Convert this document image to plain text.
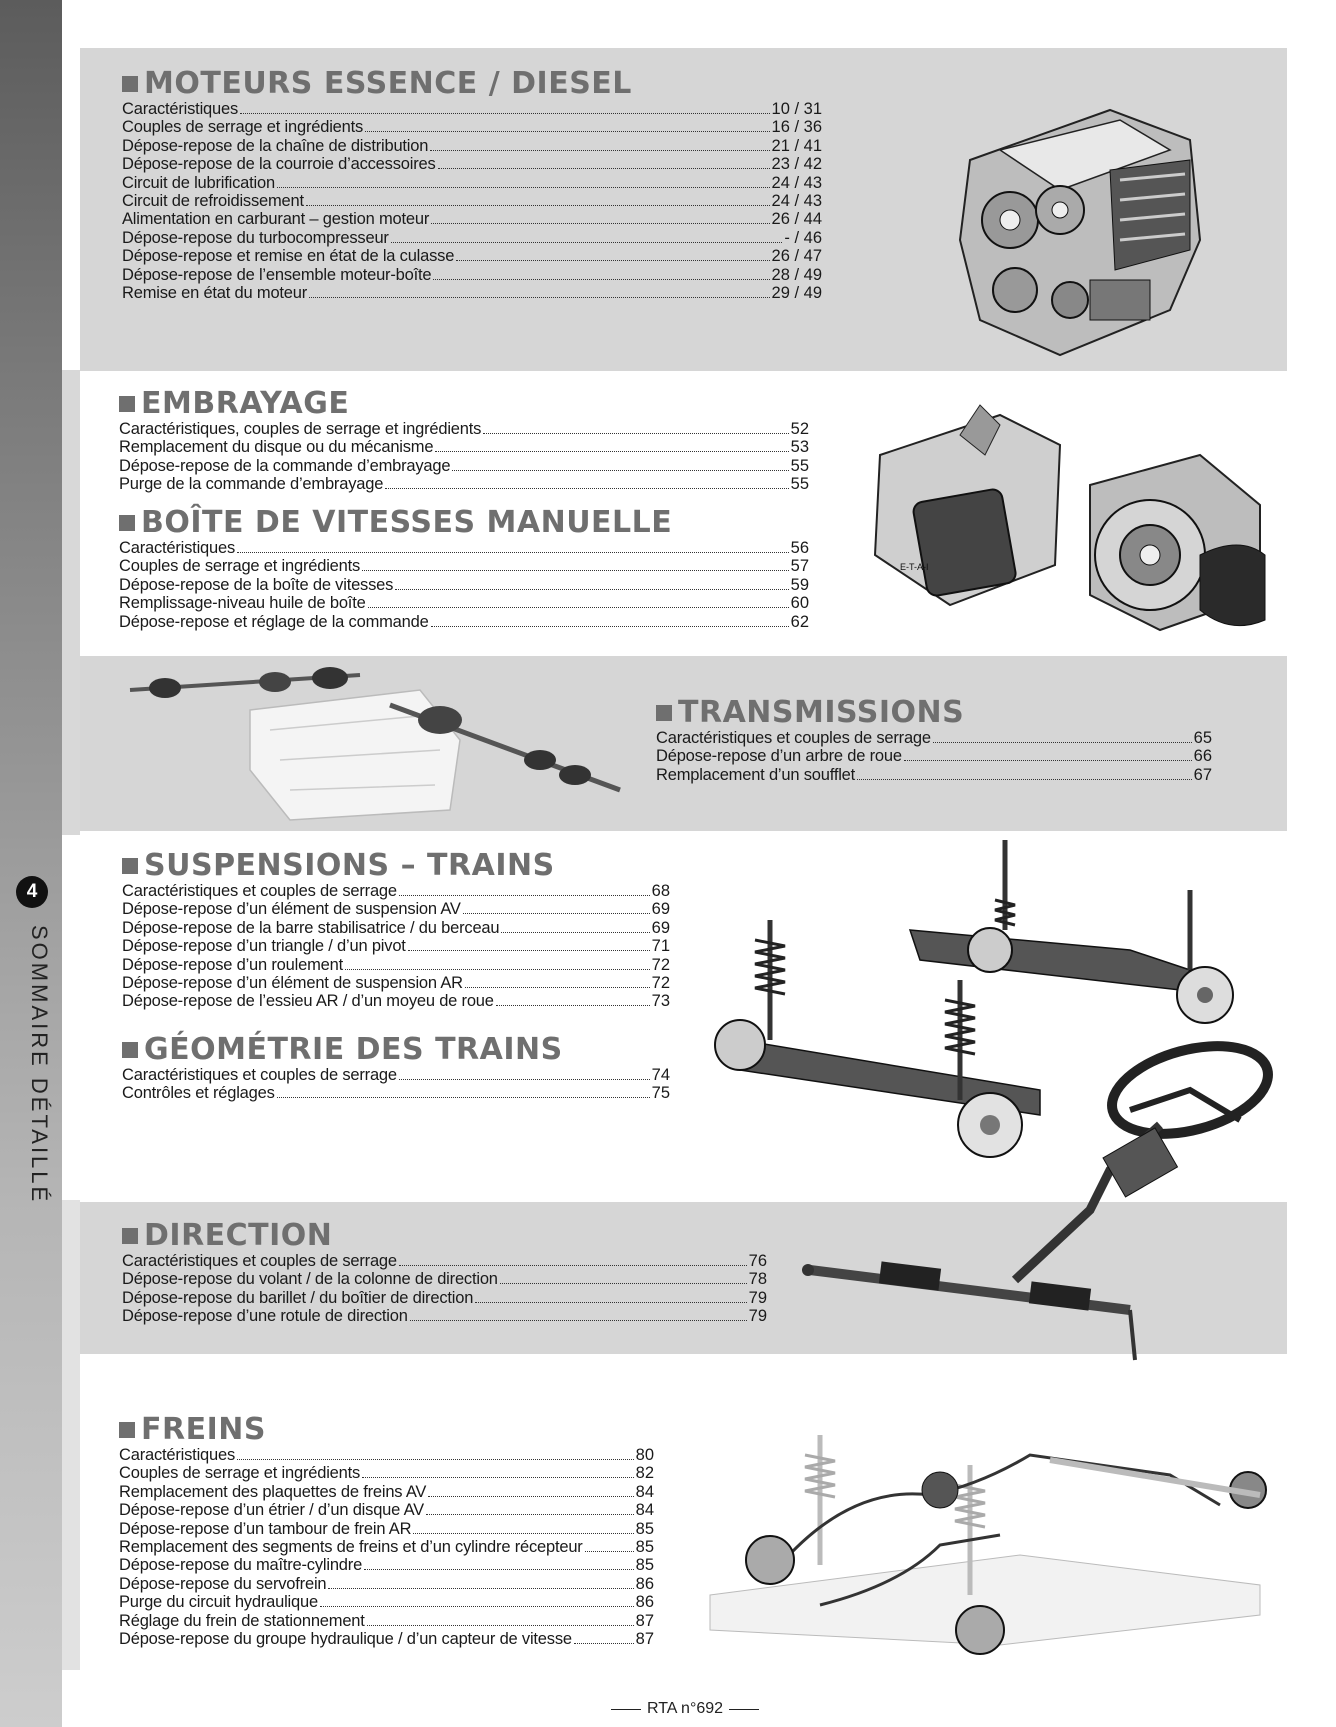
4
SOMMAIRE DÉTAILLÉ
MOTEURS ESSENCE / DIESEL
Caractéristiques	10 / 31
Couples de serrage et ingrédients	16 / 36
Dépose-repose de la chaîne de distribution	21 / 41
Dépose-repose de la courroie d’accessoires	23 / 42
Circuit de lubrification	24 / 43
Circuit de refroidissement	24 / 43
Alimentation en carburant – gestion moteur	26 / 44
Dépose-repose du turbocompresseur	- / 46
Dépose-repose et remise en état de la culasse	26 / 47
Dépose-repose de l’ensemble moteur-boîte	28 / 49
Remise en état du moteur	29 / 49
EMBRAYAGE
Caractéristiques, couples de serrage et ingrédients	52
Remplacement du disque ou du mécanisme	53
Dépose-repose de la commande d’embrayage	55
Purge de la commande d’embrayage	55
BOÎTE DE VITESSES MANUELLE
Caractéristiques	56
Couples de serrage et ingrédients	57
Dépose-repose de la boîte de vitesses	59
Remplissage-niveau huile de boîte	60
Dépose-repose et réglage de la commande	62
E-T-A-I
TRANSMISSIONS
Caractéristiques et couples de serrage	65
Dépose-repose d’un arbre de roue	66
Remplacement d’un soufflet	67
SUSPENSIONS – TRAINS
Caractéristiques et couples de serrage	68
Dépose-repose d’un élément de suspension AV	69
Dépose-repose de la barre stabilisatrice / du berceau	69
Dépose-repose d’un triangle / d’un pivot	71
Dépose-repose d’un roulement	72
Dépose-repose d’un élément de suspension AR	72
Dépose-repose de l’essieu AR / d’un moyeu de roue	73
GÉOMÉTRIE DES TRAINS
Caractéristiques et couples de serrage	74
Contrôles et réglages	75
DIRECTION
Caractéristiques et couples de serrage	76
Dépose-repose du volant / de la colonne de direction	78
Dépose-repose du barillet / du boîtier de direction	79
Dépose-repose d’une rotule de direction	79
FREINS
Caractéristiques	80
Couples de serrage et ingrédients	82
Remplacement des plaquettes de freins AV	84
Dépose-repose d’un étrier / d’un disque AV	84
Dépose-repose d’un tambour de frein AR	85
Remplacement des segments de freins et d’un cylindre récepteur	85
Dépose-repose du maître-cylindre	85
Dépose-repose du servofrein	86
Purge du circuit hydraulique	86
Réglage du frein de stationnement	87
Dépose-repose du groupe hydraulique / d’un capteur de vitesse	87
RTA n°692
